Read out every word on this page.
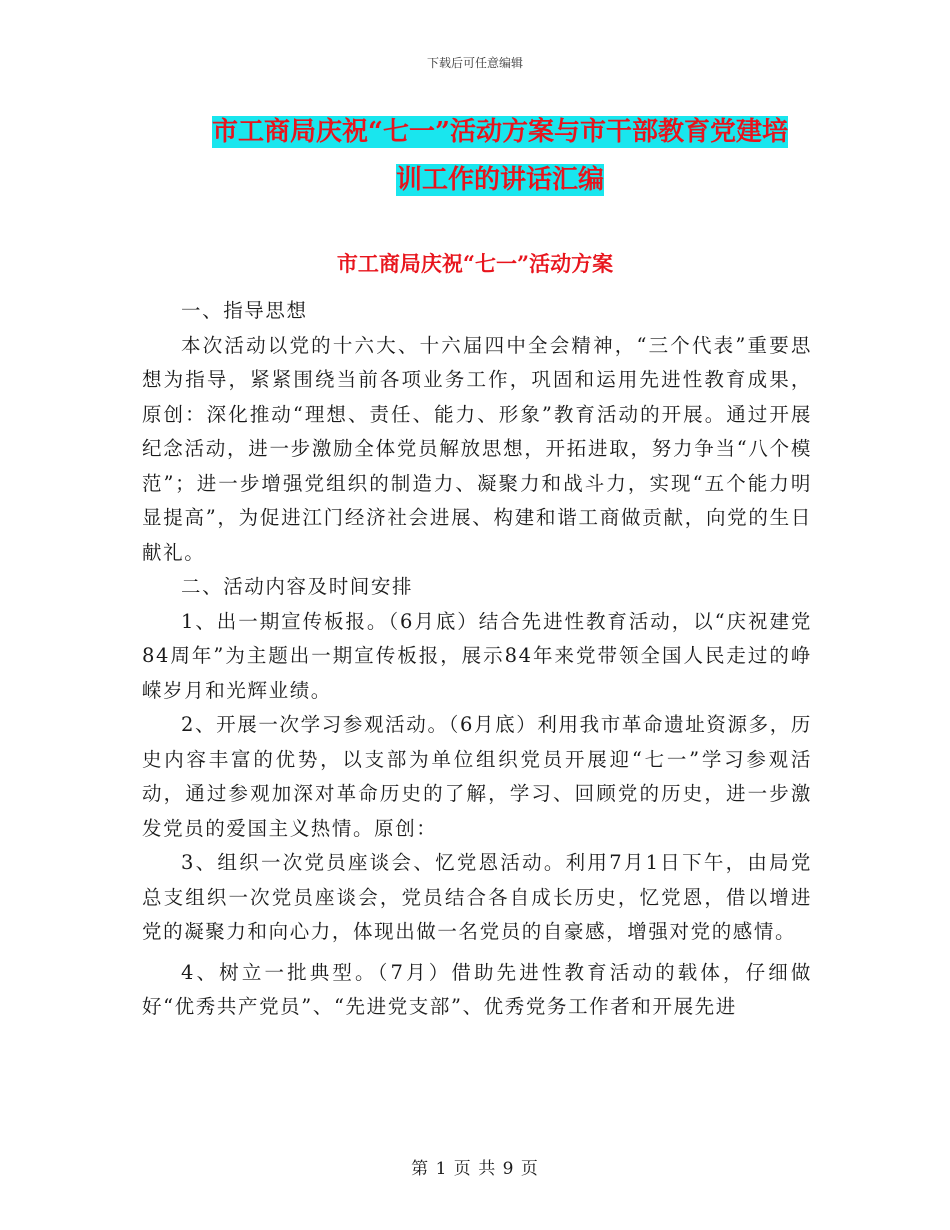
下载后可任意编辑
市工商局庆祝“七一”活动方案与市干部教育党建培
训工作的讲话汇编
市工商局庆祝“七一”活动方案

一、指导思想

本次活动以党的十六大、十六届四中全会精神，“三个代表”重要思想为指导，紧紧围绕当前各项业务工作，巩固和运用先进性教育成果，原创：深化推动“理想、责任、能力、形象”教育活动的开展。通过开展纪念活动，进一步激励全体党员解放思想，开拓进取，努力争当“八个模范”；进一步增强党组织的制造力、凝聚力和战斗力，实现“五个能力明显提高”，为促进江门经济社会进展、构建和谐工商做贡献，向党的生日献礼。

二、活动内容及时间安排

1、出一期宣传板报。（6月底）结合先进性教育活动，以“庆祝建党84周年”为主题出一期宣传板报，展示84年来党带领全国人民走过的峥嵘岁月和光辉业绩。

2、开展一次学习参观活动。（6月底）利用我市革命遗址资源多，历史内容丰富的优势，以支部为单位组织党员开展迎“七一”学习参观活动，通过参观加深对革命历史的了解，学习、回顾党的历史，进一步激发党员的爱国主义热情。原创：

3、组织一次党员座谈会、忆党恩活动。利用7月1日下午，由局党总支组织一次党员座谈会，党员结合各自成长历史，忆党恩，借以增进党的凝聚力和向心力，体现出做一名党员的自豪感，增强对党的感情。

4、树立一批典型。（7月）借助先进性教育活动的载体，仔细做好“优秀共产党员”、“先进党支部”、优秀党务工作者和开展先进

第 1 页 共 9 页
